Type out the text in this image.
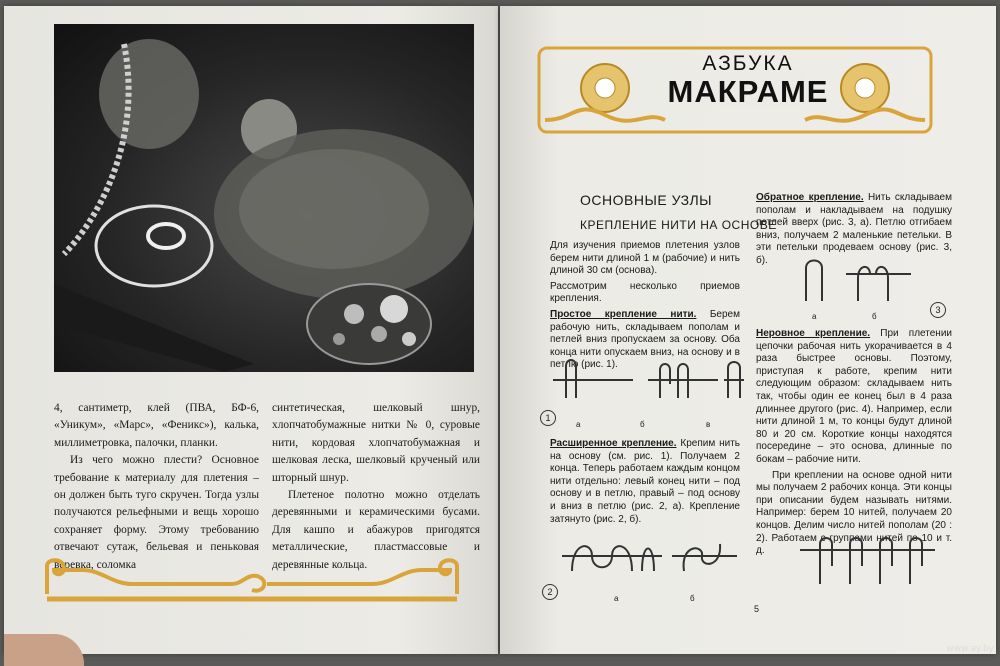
4, сантиметр, клей (ПВА, БФ-6, «Уникум», «Марс», «Феникс»), калька, миллиметровка, палочки, планки.

Из чего можно плести? Основное требование к материалу для плетения – он должен быть туго скручен. Тогда узлы получаются рельефными и вещь хорошо сохраняет форму. Этому требованию отвечают сутаж, бельевая и пеньковая веревка, соломка

синтетическая, шелковый шнур, хлопчатобумажные нитки № 0, суровые нити, кордовая хлопчатобумажная и шелковая леска, шелковый крученый или шторный шнур.

Плетеное полотно можно отделать деревянными и керамическими бусами. Для кашпо и абажуров пригодятся металлические, пластмассовые и деревянные кольца.

АЗБУКА
МАКРАМЕ
ОСНОВНЫЕ УЗЛЫ
КРЕПЛЕНИЕ НИТИ НА ОСНОВЕ

Для изучения приемов плетения узлов берем нити длиной 1 м (рабочие) и нить длиной 30 см (основа).

Рассмотрим несколько приемов крепления.

Простое крепление нити. Берем рабочую нить, складываем пополам и петлей вниз пропускаем за основу. Оба конца нити опускаем вниз, на основу и в петлю (рис. 1).

1
а	б	в

Расширенное крепление. Крепим нить на основу (см. рис. 1). Получаем 2 конца. Теперь работаем каждым концом нити отдельно: левый конец нити – под основу и в петлю, правый – под основу и вниз в петлю (рис. 2, а). Крепление затянуто (рис. 2, б).

2
а	б

Обратное крепление. Нить складываем пополам и накладываем на подушку петлей вверх (рис. 3, а). Петлю отгибаем вниз, получаем 2 маленькие петельки. В эти петельки продеваем основу (рис. 3, б).

а	б
3

Неровное крепление. При плетении цепочки рабочая нить укорачивается в 4 раза быстрее основы. Поэтому, приступая к работе, крепим нити следующим образом: складываем нить так, чтобы один ее конец был в 4 раза длиннее другого (рис. 4). Например, если нити длиной 1 м, то концы будут длиной 80 и 20 см. Короткие концы находятся посередине – это основа, длинные по бокам – рабочие нити.

При креплении на основе одной нити мы получаем 2 рабочих конца. Эти концы при описании будем называть нитями. Например: берем 10 нитей, получаем 20 концов. Делим число нитей пополам (20 : 2). Работаем с группами нитей по 10 и т. д.

5
www.ay.by
